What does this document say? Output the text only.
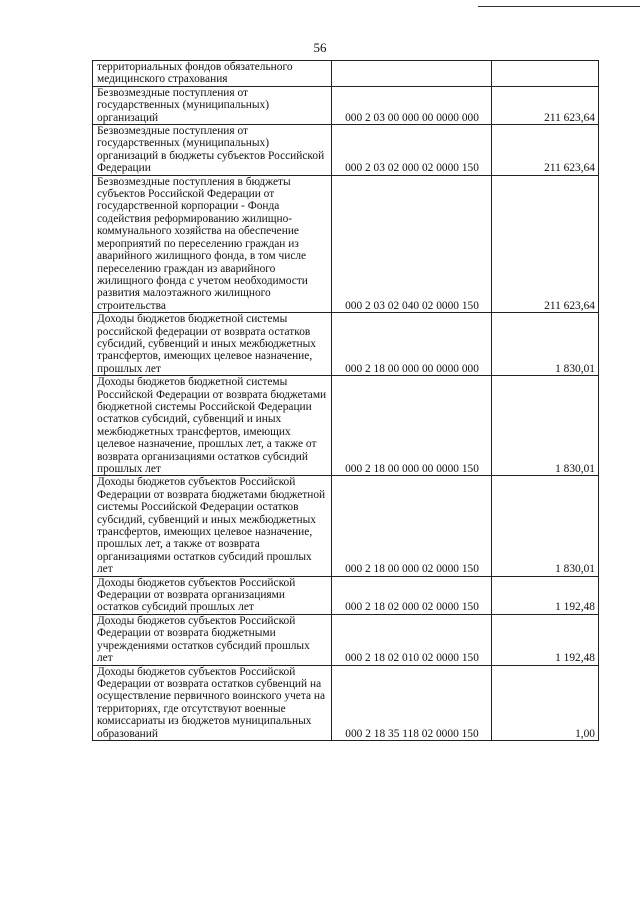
56
территориальных фондов обязательного медицинского страхования		
Безвозмездные поступления от государственных (муниципальных) организаций	000 2 03 00 000 00 0000 000	211 623,64
Безвозмездные поступления от государственных (муниципальных) организаций в бюджеты субъектов Российской Федерации	000 2 03 02 000 02 0000 150	211 623,64
Безвозмездные поступления в бюджеты субъектов Российской Федерации от государственной корпорации - Фонда содействия реформированию жилищно-коммунального хозяйства на обеспечение мероприятий по переселению граждан из аварийного жилищного фонда, в том числе переселению граждан из аварийного жилищного фонда с учетом необходимости развития малоэтажного жилищного строительства	000 2 03 02 040 02 0000 150	211 623,64
Доходы бюджетов бюджетной системы российской федерации от возврата остатков субсидий, субвенций и иных межбюджетных трансфертов, имеющих целевое назначение, прошлых лет	000 2 18 00 000 00 0000 000	1 830,01
Доходы бюджетов бюджетной системы Российской Федерации от возврата бюджетами бюджетной системы Российской Федерации остатков субсидий, субвенций и иных межбюджетных трансфертов, имеющих целевое назначение, прошлых лет, а также от возврата организациями остатков субсидий прошлых лет	000 2 18 00 000 00 0000 150	1 830,01
Доходы бюджетов субъектов Российской Федерации от возврата бюджетами бюджетной системы Российской Федерации остатков субсидий, субвенций и иных межбюджетных трансфертов, имеющих целевое назначение, прошлых лет, а также от возврата организациями остатков субсидий прошлых лет	000 2 18 00 000 02 0000 150	1 830,01
Доходы бюджетов субъектов Российской Федерации от возврата организациями остатков субсидий прошлых лет	000 2 18 02 000 02 0000 150	1 192,48
Доходы бюджетов субъектов Российской Федерации от возврата бюджетными учреждениями остатков субсидий прошлых лет	000 2 18 02 010 02 0000 150	1 192,48
Доходы бюджетов субъектов Российской Федерации от возврата остатков субвенций на осуществление первичного воинского учета на территориях, где отсутствуют военные комиссариаты из бюджетов муниципальных образований	000 2 18 35 118 02 0000 150	1,00
